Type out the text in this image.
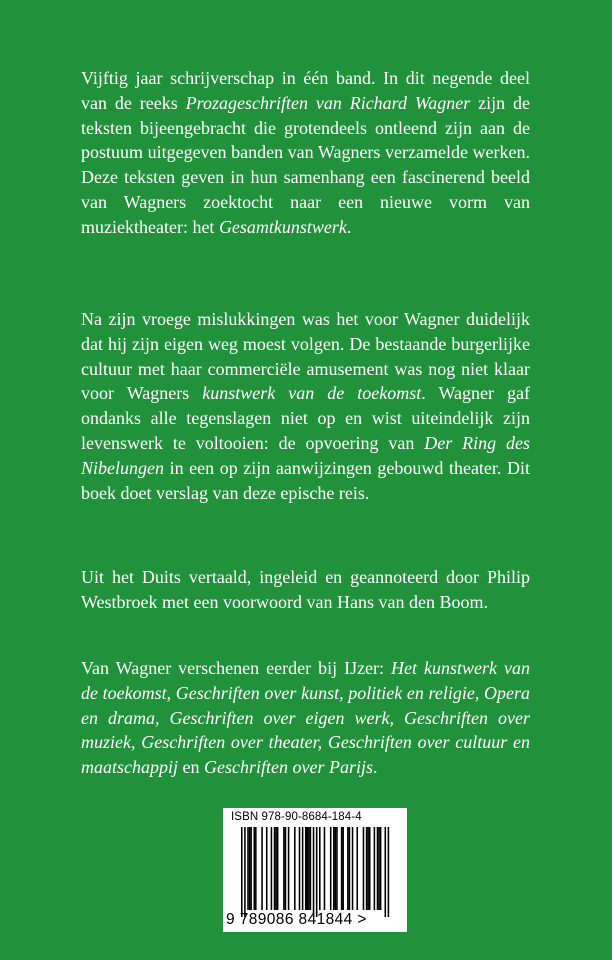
Vijftig jaar schrijverschap in één band. In dit negende deel van de reeks Prozageschriften van Richard Wagner zijn de teksten bijeengebracht die grotendeels ontleend zijn aan de postuum uitgegeven banden van Wagners verzamelde werken. Deze teksten geven in hun samenhang een fascinerend beeld van Wagners zoektocht naar een nieuwe vorm van muziektheater: het Gesamtkunstwerk.

Na zijn vroege mislukkingen was het voor Wagner duidelijk dat hij zijn eigen weg moest volgen. De bestaande burgerlijke cultuur met haar commerciële amusement was nog niet klaar voor Wagners kunstwerk van de toekomst. Wagner gaf ondanks alle tegenslagen niet op en wist uiteindelijk zijn levenswerk te voltooien: de opvoering van Der Ring des Nibelungen in een op zijn aanwijzingen gebouwd theater. Dit boek doet verslag van deze epische reis.

Uit het Duits vertaald, ingeleid en geannoteerd door Philip Westbroek met een voorwoord van Hans van den Boom.

Van Wagner verschenen eerder bij IJzer: Het kunstwerk van de toekomst, Geschriften over kunst, politiek en religie, Opera en drama, Geschriften over eigen werk, Geschriften over muziek, Geschriften over theater, Geschriften over cultuur en maatschappij en Geschriften over Parijs.

ISBN 978-90-8684-184-4
9 789086 841844 >
